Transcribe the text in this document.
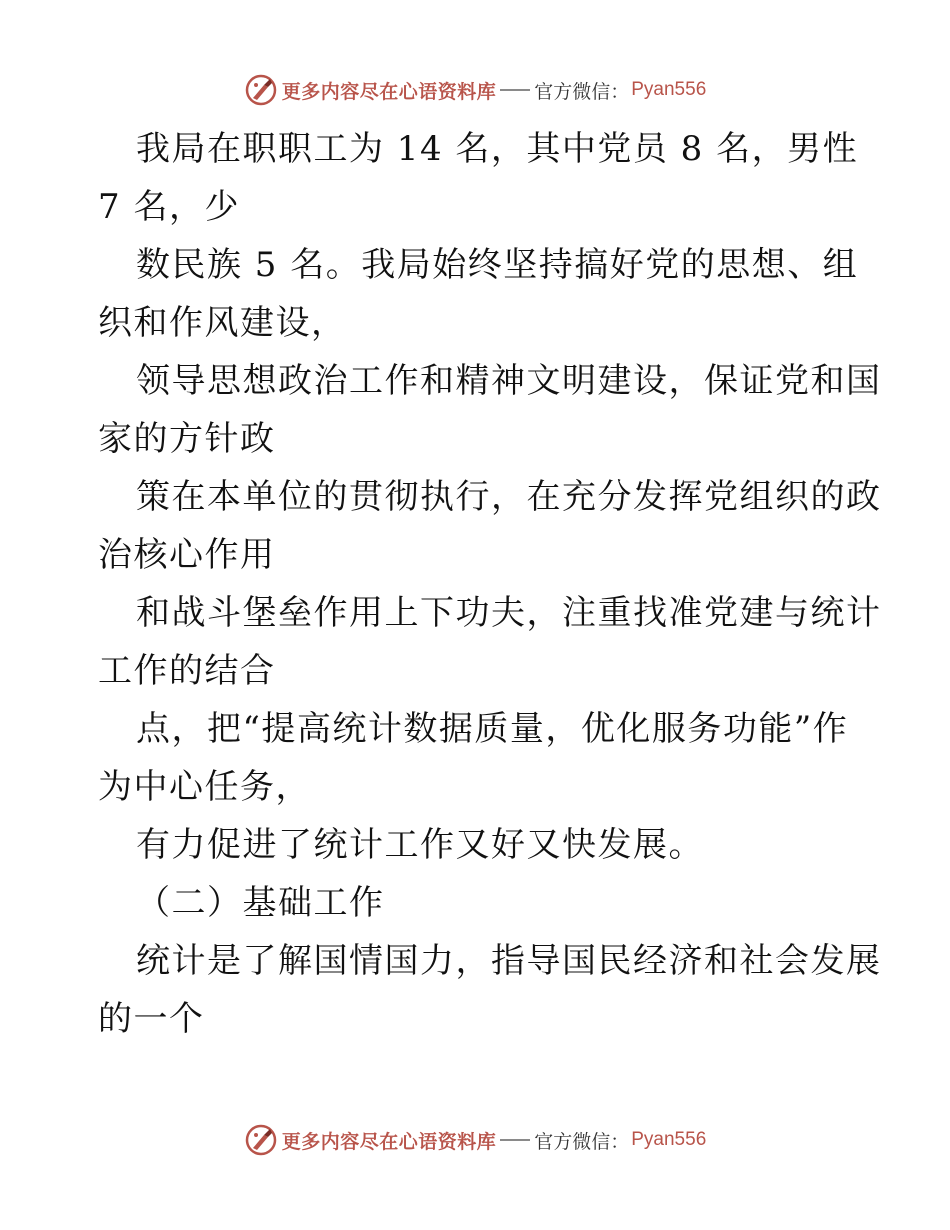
更多内容尽在心语资料库 官方微信： Pyan556
我局在职职工为 14 名，其中党员 8 名，男性
7 名，少
数民族 5 名。我局始终坚持搞好党的思想、组
织和作风建设，
领导思想政治工作和精神文明建设，保证党和国
家的方针政
策在本单位的贯彻执行，在充分发挥党组织的政
治核心作用
和战斗堡垒作用上下功夫，注重找准党建与统计
工作的结合
点，把“提高统计数据质量，优化服务功能”作
为中心任务，
有力促进了统计工作又好又快发展。
（二）基础工作
统计是了解国情国力，指导国民经济和社会发展
的一个
更多内容尽在心语资料库 官方微信： Pyan556
